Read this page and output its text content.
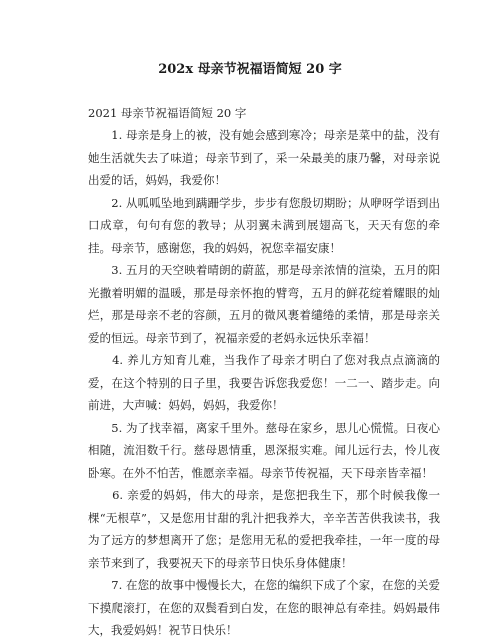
202x 母亲节祝福语简短 20 字
2021 母亲节祝福语简短 20 字

　　1. 母亲是身上的被，没有她会感到寒冷；母亲是菜中的盐，没有她生活就失去了味道；母亲节到了，采一朵最美的康乃馨，对母亲说出爱的话，妈妈，我爱你！

　　2. 从呱呱坠地到蹒跚学步，步步有您殷切期盼；从咿呀学语到出口成章，句句有您的教导；从羽翼未满到展翅高飞，天天有您的牵挂。母亲节，感谢您，我的妈妈，祝您幸福安康！

　　3. 五月的天空映着晴朗的蔚蓝，那是母亲浓情的渲染，五月的阳光撒着明媚的温暖，那是母亲怀抱的臂弯，五月的鲜花绽着耀眼的灿烂，那是母亲不老的容颜，五月的微风裹着缱绻的柔情，那是母亲关爱的恒远。母亲节到了，祝福亲爱的老妈永远快乐幸福！

　　4. 养儿方知育儿难，当我作了母亲才明白了您对我点点滴滴的爱，在这个特别的日子里，我要告诉您我爱您！一二一、踏步走。向前进，大声喊：妈妈，妈妈，我爱你！

　　5. 为了找幸福，离家千里外。慈母在家乡，思儿心慌慌。日夜心相随，流泪数千行。慈母恩情重，恩深报实难。闻儿远行去，怜儿夜卧寒。在外不怕苦，惟愿亲幸福。母亲节传祝福，天下母亲皆幸福！

　　6. 亲爱的妈妈，伟大的母亲，是您把我生下，那个时候我像一棵“无根草”，又是您用甘甜的乳汁把我养大，辛辛苦苦供我读书，我为了远方的梦想离开了您；是您用无私的爱把我牵挂，一年一度的母亲节来到了，我要祝天下的母亲节日快乐身体健康！

　　7. 在您的故事中慢慢长大，在您的编织下成了个家，在您的关爱下摸爬滚打，在您的双鬓看到白发，在您的眼神总有牵挂。妈妈最伟大，我爱妈妈！祝节日快乐！
